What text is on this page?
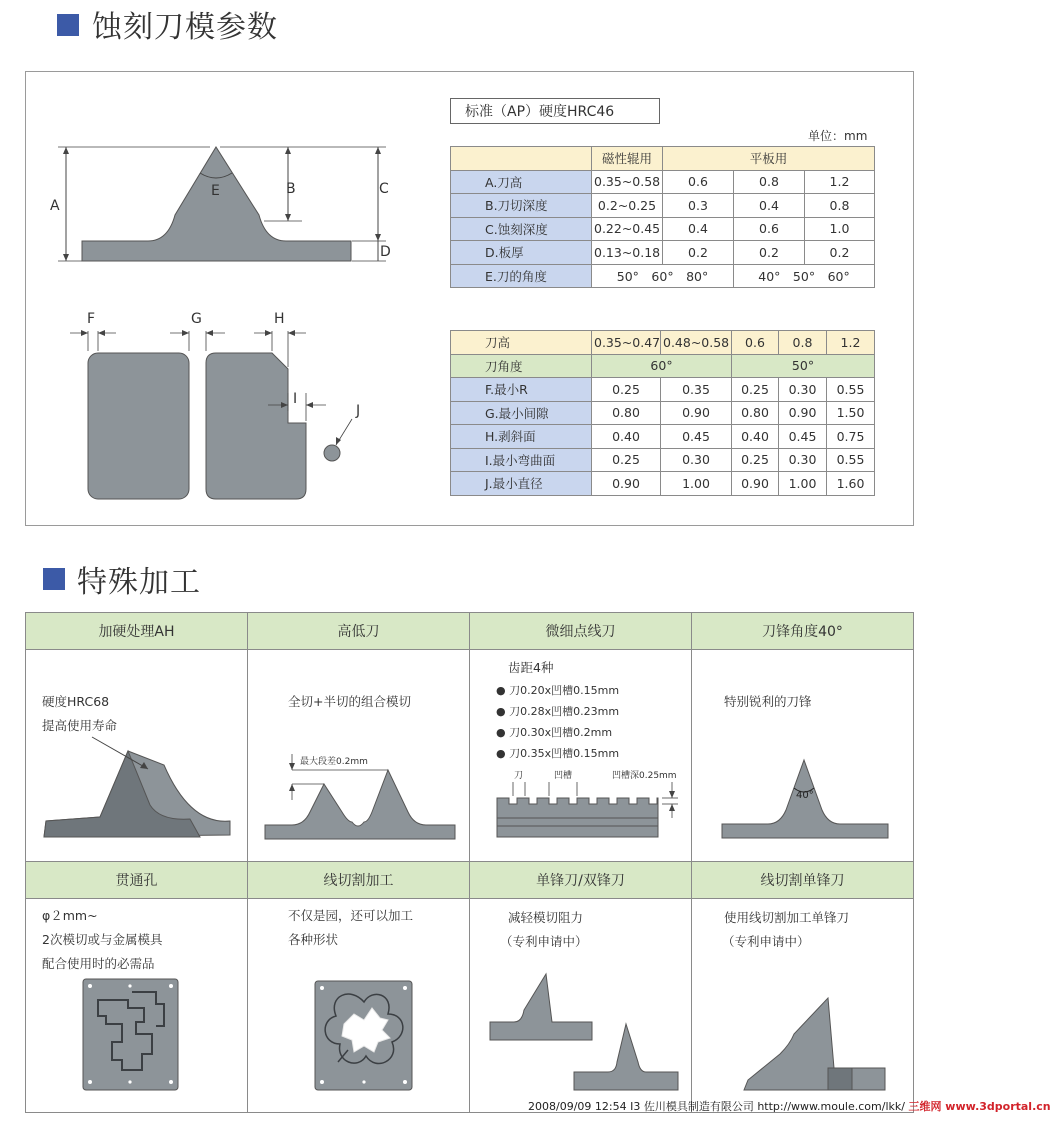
蚀刻刀模参数
A
B	C
D
E
F	G	H
I
J
标准（AP）硬度HRC46
单位：mm
	磁性辊用	平板用		
A.刀高	0.35~0.58	0.6	0.8	1.2
B.刀切深度	0.2~0.25	0.3	0.4	0.8
C.蚀刻深度	0.22~0.45	0.4	0.6	1.0
D.板厚	0.13~0.18	0.2	0.2	0.2
E.刀的角度	50°　60°　80°		40°　50°　60°	
刀高	0.35~0.47	0.48~0.58	0.6	0.8	1.2
刀角度	60°		50°		
F.最小R	0.25	0.35	0.25	0.30	0.55
G.最小间隙	0.80	0.90	0.80	0.90	1.50
H.剥斜面	0.40	0.45	0.40	0.45	0.75
I.最小弯曲面	0.25	0.30	0.25	0.30	0.55
J.最小直径	0.90	1.00	0.90	1.00	1.60
特殊加工
加硬处理AH	高低刀	微细点线刀	刀锋角度40°
贯通孔	线切割加工	单锋刀/双锋刀	线切割单锋刀
硬度HRC68
提高使用寿命
全切+半切的组合模切
最大段差0.2mm
齿距4种
● 刀0.20x凹槽0.15mm
● 刀0.28x凹槽0.23mm
● 刀0.30x凹槽0.2mm
● 刀0.35x凹槽0.15mm
刀	凹槽	凹槽深0.25mm
特别锐利的刀锋
40°
φ２mm~
2次模切或与金属模具
配合使用时的必需品
不仅是园，还可以加工
各种形状
减轻模切阻力
（专利申请中）
使用线切割加工单锋刀
（专利申请中）
2008/09/09 12:54 I3 佐川模具制造有限公司 http://www.moule.com/lkk/ 三维网 www.3dportal.cn
